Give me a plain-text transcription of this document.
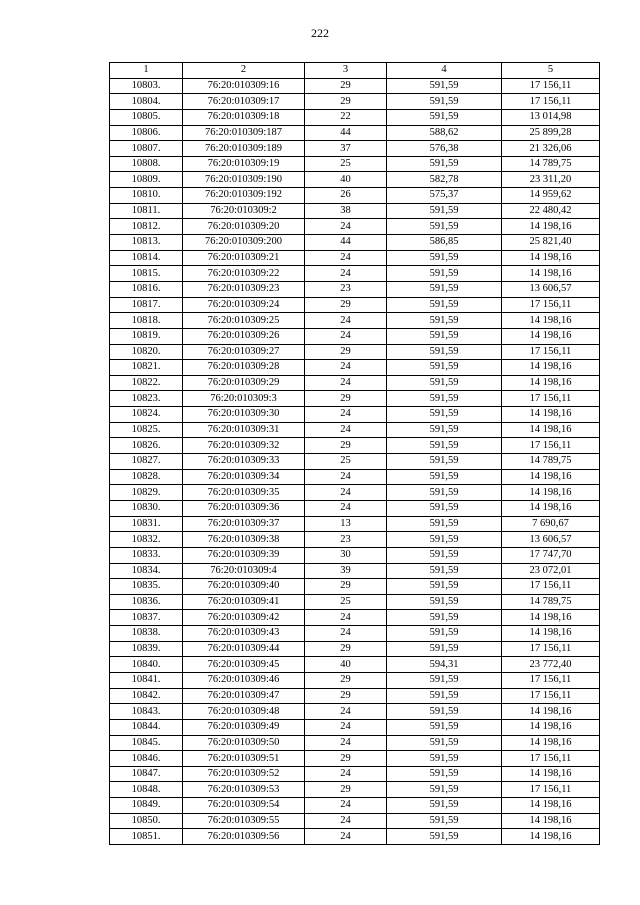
222
1	2	3	4	5
10803.	76:20:010309:16	29	591,59	17 156,11
10804.	76:20:010309:17	29	591,59	17 156,11
10805.	76:20:010309:18	22	591,59	13 014,98
10806.	76:20:010309:187	44	588,62	25 899,28
10807.	76:20:010309:189	37	576,38	21 326,06
10808.	76:20:010309:19	25	591,59	14 789,75
10809.	76:20:010309:190	40	582,78	23 311,20
10810.	76:20:010309:192	26	575,37	14 959,62
10811.	76:20:010309:2	38	591,59	22 480,42
10812.	76:20:010309:20	24	591,59	14 198,16
10813.	76:20:010309:200	44	586,85	25 821,40
10814.	76:20:010309:21	24	591,59	14 198,16
10815.	76:20:010309:22	24	591,59	14 198,16
10816.	76:20:010309:23	23	591,59	13 606,57
10817.	76:20:010309:24	29	591,59	17 156,11
10818.	76:20:010309:25	24	591,59	14 198,16
10819.	76:20:010309:26	24	591,59	14 198,16
10820.	76:20:010309:27	29	591,59	17 156,11
10821.	76:20:010309:28	24	591,59	14 198,16
10822.	76:20:010309:29	24	591,59	14 198,16
10823.	76:20:010309:3	29	591,59	17 156,11
10824.	76:20:010309:30	24	591,59	14 198,16
10825.	76:20:010309:31	24	591,59	14 198,16
10826.	76:20:010309:32	29	591,59	17 156,11
10827.	76:20:010309:33	25	591,59	14 789,75
10828.	76:20:010309:34	24	591,59	14 198,16
10829.	76:20:010309:35	24	591,59	14 198,16
10830.	76:20:010309:36	24	591,59	14 198,16
10831.	76:20:010309:37	13	591,59	7 690,67
10832.	76:20:010309:38	23	591,59	13 606,57
10833.	76:20:010309:39	30	591,59	17 747,70
10834.	76:20:010309:4	39	591,59	23 072,01
10835.	76:20:010309:40	29	591,59	17 156,11
10836.	76:20:010309:41	25	591,59	14 789,75
10837.	76:20:010309:42	24	591,59	14 198,16
10838.	76:20:010309:43	24	591,59	14 198,16
10839.	76:20:010309:44	29	591,59	17 156,11
10840.	76:20:010309:45	40	594,31	23 772,40
10841.	76:20:010309:46	29	591,59	17 156,11
10842.	76:20:010309:47	29	591,59	17 156,11
10843.	76:20:010309:48	24	591,59	14 198,16
10844.	76:20:010309:49	24	591,59	14 198,16
10845.	76:20:010309:50	24	591,59	14 198,16
10846.	76:20:010309:51	29	591,59	17 156,11
10847.	76:20:010309:52	24	591,59	14 198,16
10848.	76:20:010309:53	29	591,59	17 156,11
10849.	76:20:010309:54	24	591,59	14 198,16
10850.	76:20:010309:55	24	591,59	14 198,16
10851.	76:20:010309:56	24	591,59	14 198,16
